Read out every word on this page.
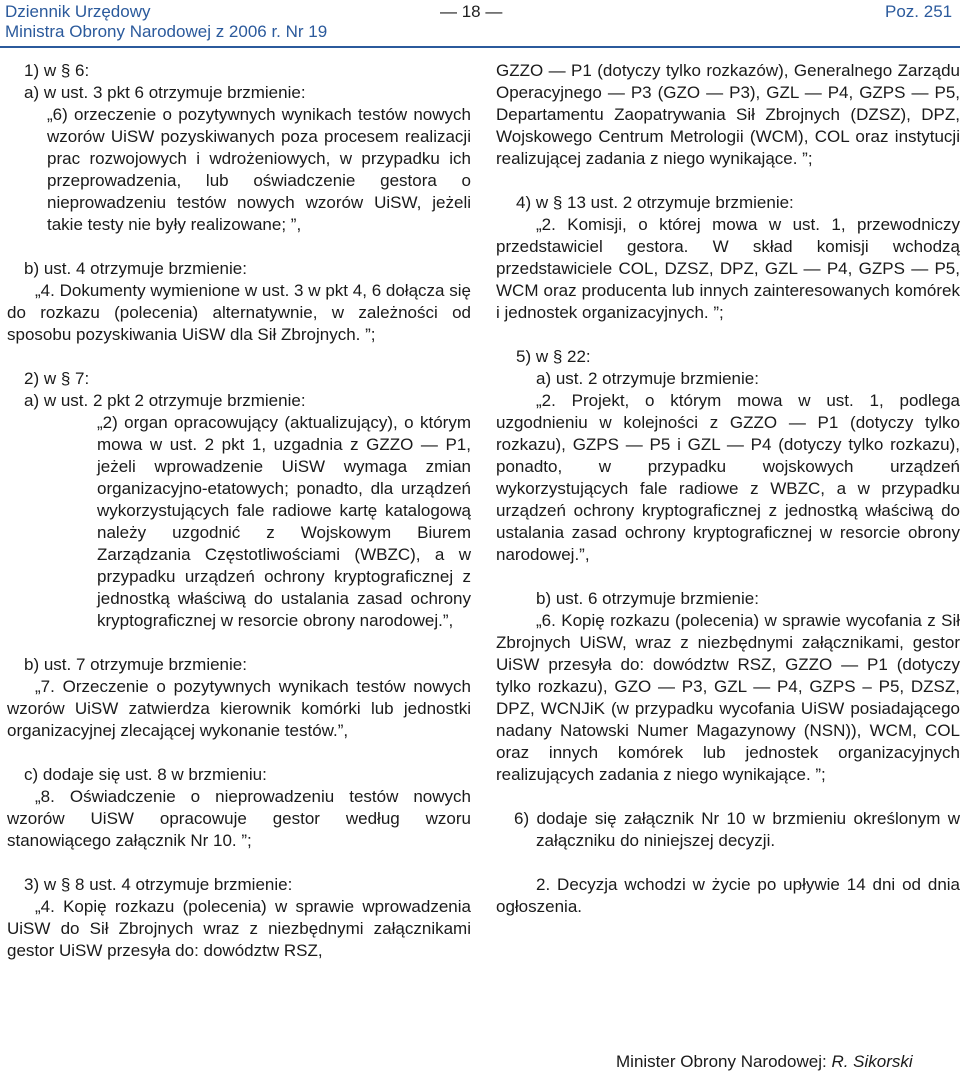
Dziennik Urzędowy
Ministra Obrony Narodowej z 2006 r. Nr 19
— 18 —	Poz. 251

1) w § 6:

a) w ust. 3 pkt 6 otrzymuje brzmienie:

„6) orzeczenie o pozytywnych wynikach testów nowych wzorów UiSW pozyskiwanych poza procesem realizacji prac rozwojowych i wdrożeniowych, w przypadku ich przeprowadzenia, lub oświadczenie gestora o nieprowadzeniu testów nowych wzorów UiSW, jeżeli takie testy nie były realizowane; ”,

b) ust. 4 otrzymuje brzmienie:

„4. Dokumenty wymienione w ust. 3 w pkt 4, 6 dołącza się do rozkazu (polecenia) alternatywnie, w zależności od sposobu pozyskiwania UiSW dla Sił Zbrojnych. ”;

2) w § 7:

a) w ust. 2 pkt 2 otrzymuje brzmienie:

„2) organ opracowujący (aktualizujący), o którym mowa w ust. 2 pkt 1, uzgadnia z GZZO — P1, jeżeli wprowadzenie UiSW wymaga zmian organizacyjno-etatowych; ponadto, dla urządzeń wykorzystujących fale radiowe kartę katalogową należy uzgodnić z Wojskowym Biurem Zarządzania Częstotliwościami (WBZC), a w przypadku urządzeń ochrony kryptograficznej z jednostką właściwą do ustalania zasad ochrony kryptograficznej w resorcie obrony narodowej.”,

b) ust. 7 otrzymuje brzmienie:

„7. Orzeczenie o pozytywnych wynikach testów nowych wzorów UiSW zatwierdza kierownik komórki lub jednostki organizacyjnej zlecającej wykonanie testów.”,

c) dodaje się ust. 8 w brzmieniu:

„8. Oświadczenie o nieprowadzeniu testów nowych wzorów UiSW opracowuje gestor według wzoru stanowiącego załącznik Nr 10. ”;

3) w § 8 ust. 4 otrzymuje brzmienie:

„4. Kopię rozkazu (polecenia) w sprawie wprowadzenia UiSW do Sił Zbrojnych wraz z niezbędnymi załącznikami gestor UiSW przesyła do: dowództw RSZ,

GZZO — P1 (dotyczy tylko rozkazów), Generalnego Zarządu Operacyjnego — P3 (GZO — P3), GZL — P4, GZPS — P5, Departamentu Zaopatrywania Sił Zbrojnych (DZSZ), DPZ, Wojskowego Centrum Metrologii (WCM), COL oraz instytucji realizującej zadania z niego wynikające. ”;

4) w § 13 ust. 2 otrzymuje brzmienie:

„2. Komisji, o której mowa w ust. 1, przewodniczy przedstawiciel gestora. W skład komisji wchodzą przedstawiciele COL, DZSZ, DPZ, GZL — P4, GZPS — P5, WCM oraz producenta lub innych zainteresowanych komórek i jednostek organizacyjnych. ”;

5) w § 22:

a) ust. 2 otrzymuje brzmienie:

„2. Projekt, o którym mowa w ust. 1, podlega uzgodnieniu w kolejności z GZZO — P1 (dotyczy tylko rozkazu), GZPS — P5 i GZL — P4 (dotyczy tylko rozkazu), ponadto, w przypadku wojskowych urządzeń wykorzystujących fale radiowe z WBZC, a w przypadku urządzeń ochrony kryptograficznej z jednostką właściwą do ustalania zasad ochrony kryptograficznej w resorcie obrony narodowej.”,

b) ust. 6 otrzymuje brzmienie:

„6. Kopię rozkazu (polecenia) w sprawie wycofania z Sił Zbrojnych UiSW, wraz z niezbędnymi załącznikami, gestor UiSW przesyła do: dowództw RSZ, GZZO — P1 (dotyczy tylko rozkazu), GZO — P3, GZL — P4, GZPS – P5, DZSZ, DPZ, WCNJiK (w przypadku wycofania UiSW posiadającego nadany Natowski Numer Magazynowy (NSN)), WCM, COL oraz innych komórek lub jednostek organizacyjnych realizujących zadania z niego wynikające. ”;

6) dodaje się załącznik Nr 10 w brzmieniu określonym w załączniku do niniejszej decyzji.

2. Decyzja wchodzi w życie po upływie 14 dni od dnia ogłoszenia.

Minister Obrony Narodowej: R. Sikorski
